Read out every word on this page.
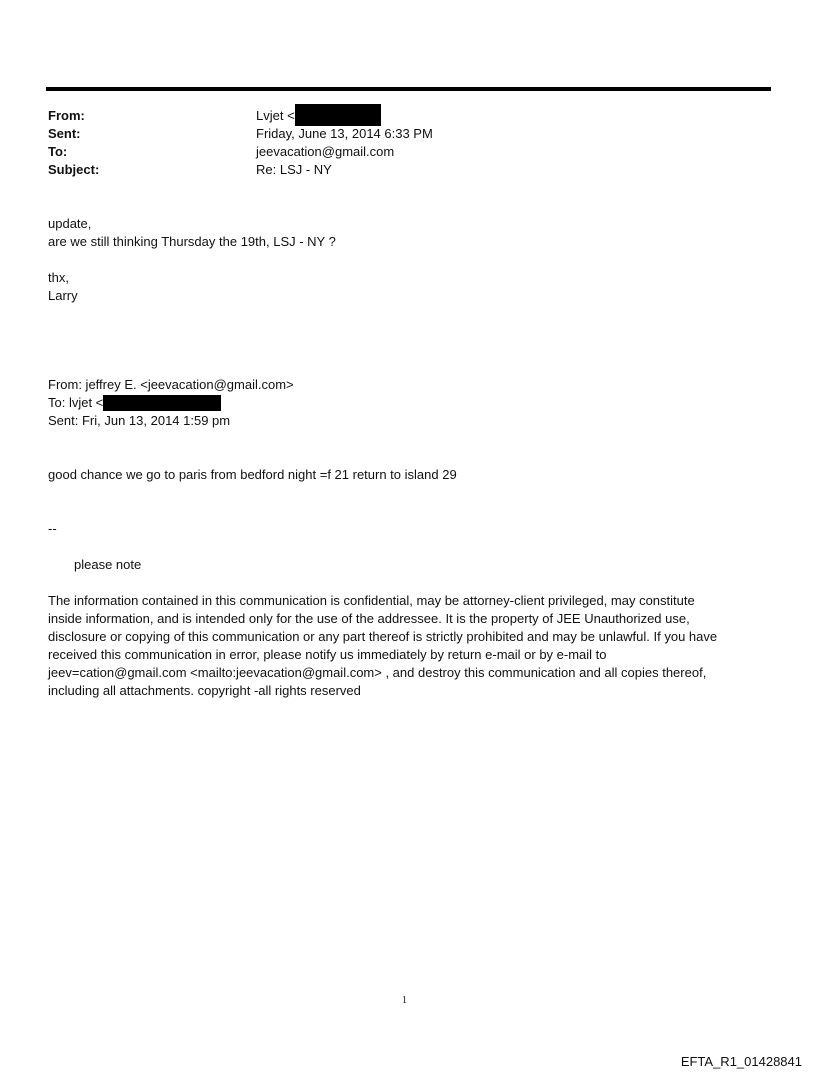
From:	Lvjet <
Sent:	Friday, June 13, 2014 6:33 PM
To:	jeevacation@gmail.com
Subject:	Re: LSJ - NY
update,
are we still thinking Thursday the 19th, LSJ - NY ?
thx,
Larry
From: jeffrey E. <jeevacation@gmail.com>
To: lvjet <
Sent: Fri, Jun 13, 2014 1:59 pm
good chance we go to paris from bedford night =f 21 return to island 29
--
please note
The information contained in this communication is confidential, may be attorney-client privileged, may constitute
inside information, and is intended only for the use of the addressee. It is the property of JEE Unauthorized use,
disclosure or copying of this communication or any part thereof is strictly prohibited and may be unlawful. If you have
received this communication in error, please notify us immediately by return e-mail or by e-mail to
jeev=cation@gmail.com <mailto:jeevacation@gmail.com> , and destroy this communication and all copies thereof,
including all attachments. copyright -all rights reserved
1
EFTA_R1_01428841
